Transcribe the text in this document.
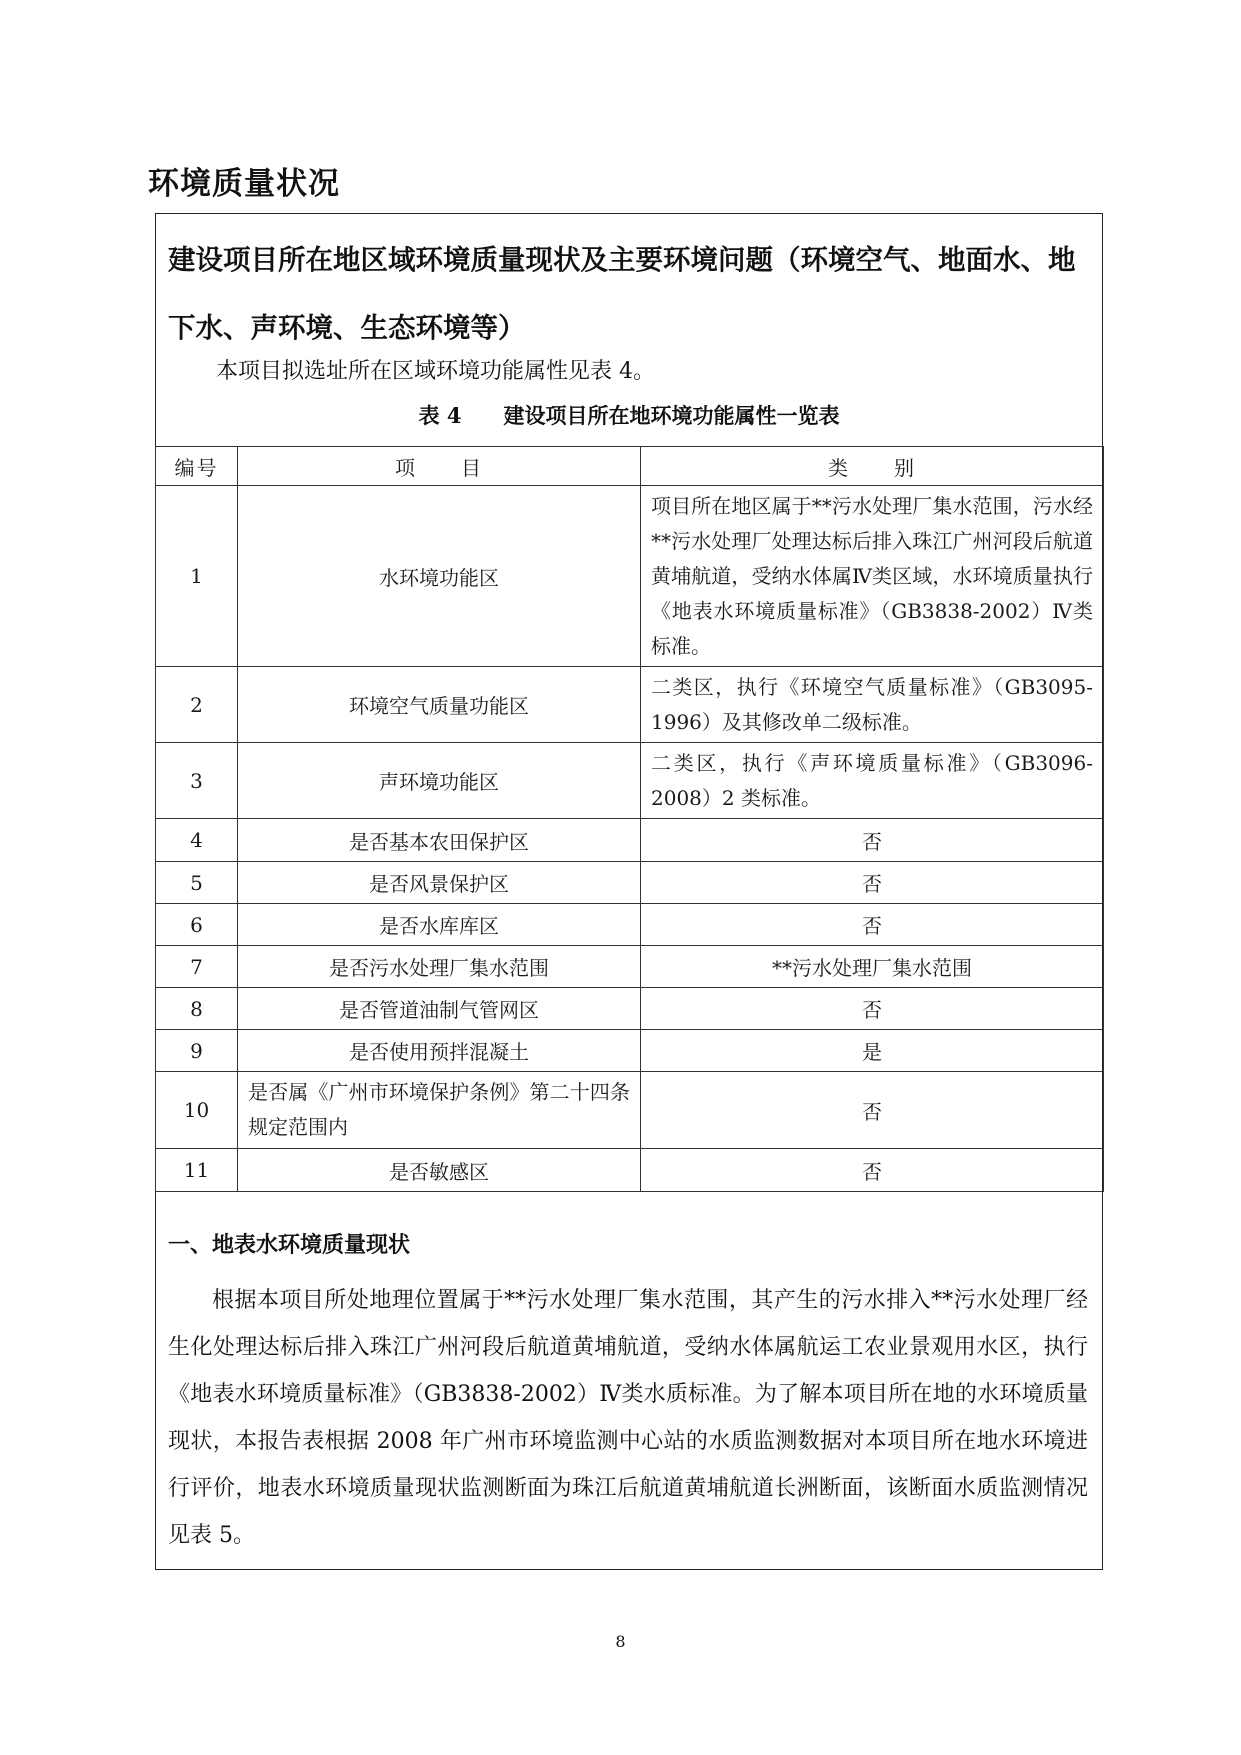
环境质量状况
建设项目所在地区域环境质量现状及主要环境问题（环境空气、地面水、地下水、声环境、生态环境等）
本项目拟选址所在区域环境功能属性见表 4。
表 4　　建设项目所在地环境功能属性一览表
编号	项　　目	类　　别
1	水环境功能区	项目所在地区属于**污水处理厂集水范围，污水经**污水处理厂处理达标后排入珠江广州河段后航道黄埔航道，受纳水体属Ⅳ类区域，水环境质量执行《地表水环境质量标准》（GB3838-2002）Ⅳ类标准。
2	环境空气质量功能区	二类区，执行《环境空气质量标准》（GB3095-1996）及其修改单二级标准。
3	声环境功能区	二类区，执行《声环境质量标准》（GB3096-2008）2 类标准。
4	是否基本农田保护区	否
5	是否风景保护区	否
6	是否水库库区	否
7	是否污水处理厂集水范围	**污水处理厂集水范围
8	是否管道油制气管网区	否
9	是否使用预拌混凝土	是
10	是否属《广州市环境保护条例》第二十四条规定范围内	否
11	是否敏感区	否
一、地表水环境质量现状
根据本项目所处地理位置属于**污水处理厂集水范围，其产生的污水排入**污水处理厂经生化处理达标后排入珠江广州河段后航道黄埔航道，受纳水体属航运工农业景观用水区，执行《地表水环境质量标准》（GB3838-2002）Ⅳ类水质标准。为了解本项目所在地的水环境质量现状，本报告表根据 2008 年广州市环境监测中心站的水质监测数据对本项目所在地水环境进行评价，地表水环境质量现状监测断面为珠江后航道黄埔航道长洲断面，该断面水质监测情况见表 5。
8
